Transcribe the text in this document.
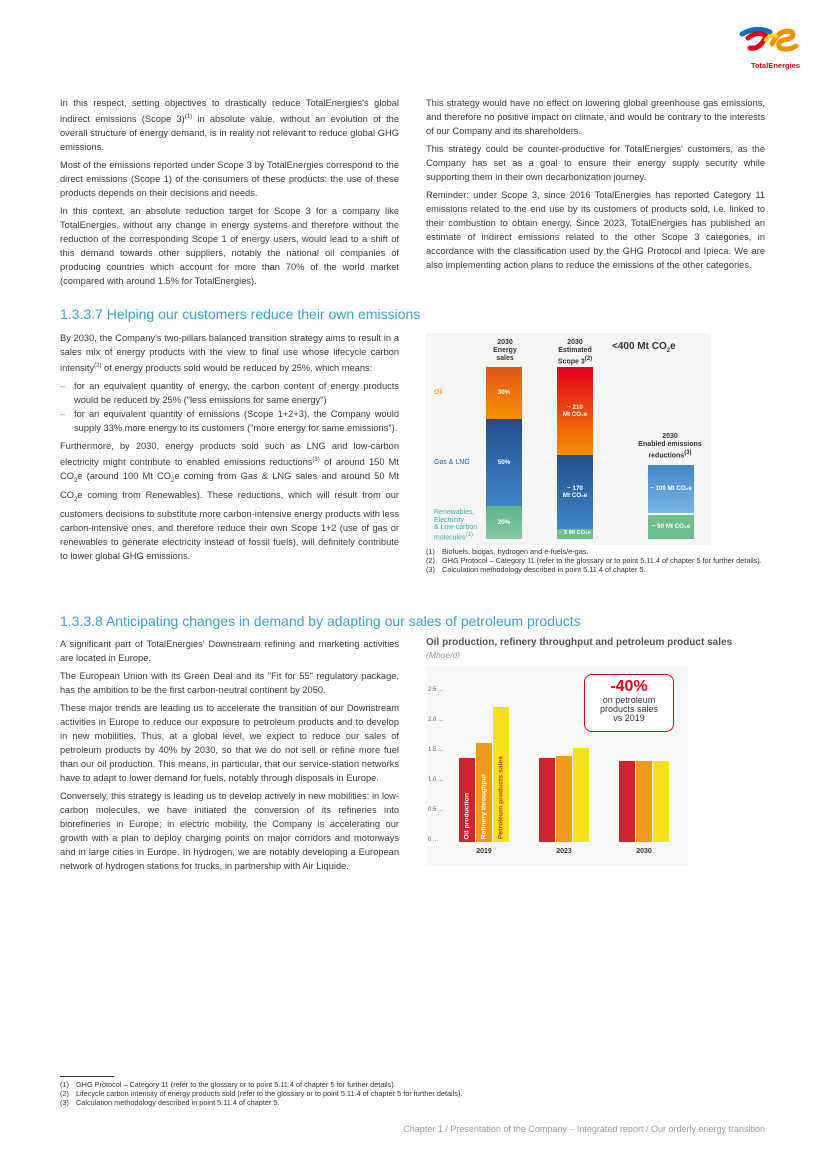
TotalEnergies

In this respect, setting objectives to drastically reduce TotalEnergies's global indirect emissions (Scope 3)$^{(1)}$ in absolute value, without an evolution of the overall structure of energy demand, is in reality not relevant to reduce global GHG emissions.

Most of the emissions reported under Scope 3 by TotalEnergies correspond to the direct emissions (Scope 1) of the consumers of these products: the use of these products depends on their decisions and needs.

In this context, an absolute reduction target for Scope 3 for a company like TotalEnergies, without any change in energy systems and therefore without the reduction of the corresponding Scope 1 of energy users, would lead to a shift of this demand towards other suppliers, notably the national oil companies of producing countries which account for more than 70% of the world market (compared with around 1.5% for TotalEnergies).

This strategy would have no effect on lowering global greenhouse gas emissions, and therefore no positive impact on climate, and would be contrary to the interests of our Company and its shareholders.

This strategy could be counter-productive for TotalEnergies' customers, as the Company has set as a goal to ensure their energy supply security while supporting them in their own decarbonization journey.

Reminder: under Scope 3, since 2016 TotalEnergies has reported Category 11 emissions related to the end use by its customers of products sold, i.e. linked to their combustion to obtain energy. Since 2023, TotalEnergies has published an estimate of indirect emissions related to the other Scope 3 categories, in accordance with the classification used by the GHG Protocol and Ipieca. We are also implementing action plans to reduce the emissions of the other categories.

1.3.3.7 Helping our customers reduce their own emissions

By 2030, the Company's two-pillars balanced transition strategy aims to result in a sales mix of energy products with the view to final use whose lifecycle carbon intensity$^{(2)}$ of energy products sold would be reduced by 25%, which means:

– for an equivalent quantity of energy, the carbon content of energy products would be reduced by 25% ("less emissions for same energy")
– for an equivalent quantity of emissions (Scope 1+2+3), the Company would supply 33% more energy to its customers ("more energy for same emissions").

Furthermore, by 2030, energy products sold such as LNG and low-carbon electricity might contribute to enabled emissions reductions$^{(3)}$ of around 150 Mt $CO_2e$ (around 100 Mt $CO_2e$ coming from Gas & LNG sales and around 50 Mt $CO_2e$ coming from Renewables). These reductions, which will result from our customers decisions to substitute more carbon-intensive energy products with less carbon-intensive ones, and therefore reduce their own Scope 1+2 (use of gas or renewables to generate electricity instead of fossil fuels), will definitely contribute to lower global GHG emissions.

2030
Energy
sales
2030
Estimated
Scope $3^{(2)}$
<400 Mt $CO_2e$
Oil
Gas & LNG
Renewables,
Electricity
& Low-carbon
molecules$^{(1)}$
30%
50%
20%
~ 210
Mt CO₂e
~ 170
Mt CO₂e
~ 5 Mt CO₂e
2030
Enabled emissions
reductions$^{(3)}$
~ 100 Mt CO₂e
~ 50 Mt CO₂e
(1) Biofuels, biogas, hydrogen and e-fuels/e-gas.
(2) GHG Protocol – Category 11 (refer to the glossary or to point 5.11.4 of chapter 5 for further details).
(3) Calculation methodology described in point 5.11.4 of chapter 5.
1.3.3.8 Anticipating changes in demand by adapting our sales of petroleum products

A significant part of TotalEnergies' Downstream refining and marketing activities are located in Europe.

The European Union with its Green Deal and its "Fit for 55" regulatory package, has the ambition to be the first carbon-neutral continent by 2050.

These major trends are leading us to accelerate the transition of our Downstream activities in Europe to reduce our exposure to petroleum products and to develop in new mobilities. Thus, at a global level, we expect to reduce our sales of petroleum products by 40% by 2030, so that we do not sell or refine more fuel than our oil production. This means, in particular, that our service-station networks have to adapt to lower demand for fuels, notably through disposals in Europe.

Conversely, this strategy is leading us to develop actively in new mobilities: in low-carbon molecules, we have initiated the conversion of its refineries into biorefineries in Europe; in electric mobility, the Company is accelerating our growth with a plan to deploy charging points on major corridors and motorways and in large cities in Europe. In hydrogen, we are notably developing a European network of hydrogen stations for trucks, in partnership with Air Liquide.

Oil production, refinery throughput and petroleum product sales (Mboe/d)
0 ...
0.5 ...
1.0 ...
1.5 ...
2.0 ...
2.5 ...
Oil production	Refinery throughput	Petroleum products sales
2019	2023	2030
-40%
on petroleum
products sales
vs 2019
(1) GHG Protocol – Category 11 (refer to the glossary or to point 5.11.4 of chapter 5 for further details).
(2) Lifecycle carbon intensity of energy products sold (refer to the glossary or to point 5.11.4 of chapter 5 for further details).
(3) Calculation methodology described in point 5.11.4 of chapter 5.
Chapter 1 / Presentation of the Company – Integrated report / Our orderly energy transition
